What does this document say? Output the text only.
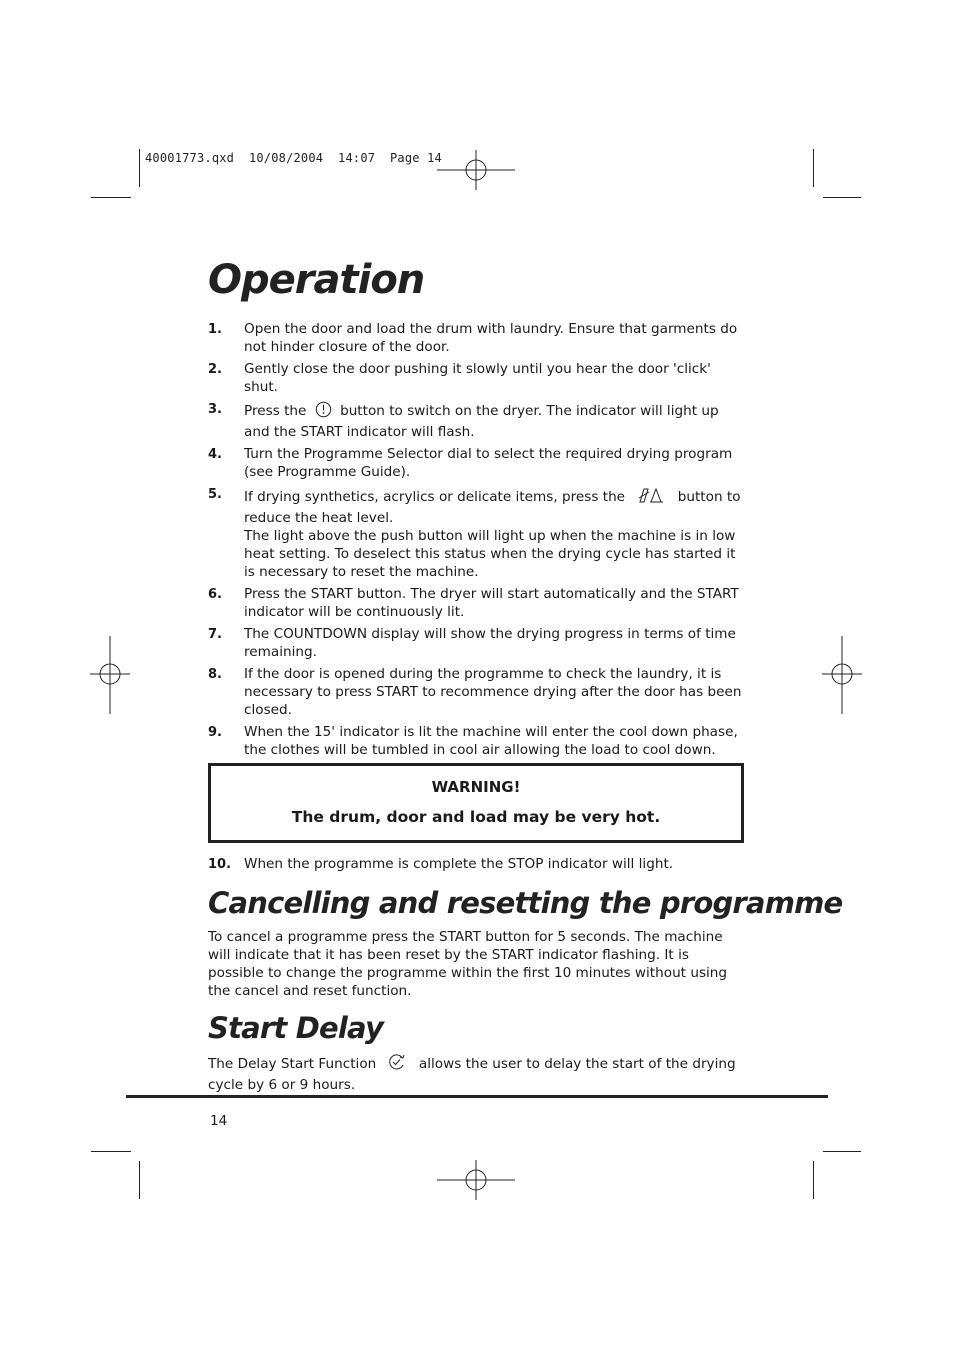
40001773.qxd  10/08/2004  14:07  Page 14
Operation
1.	Open the door and load the drum with laundry. Ensure that garments do not hinder closure of the door.
2.	Gently close the door pushing it slowly until you hear the door 'click' shut.
3.	Press the button to switch on the dryer. The indicator will light up and the START indicator will flash.
4.	Turn the Programme Selector dial to select the required drying program (see Programme Guide).
5.	If drying synthetics, acrylics or delicate items, press the	button to reduce the heat level.
The light above the push button will light up when the machine is in low heat setting. To deselect this status when the drying cycle has started it is necessary to reset the machine.
6.	Press the START button. The dryer will start automatically and the START indicator will be continuously lit.
7.	The COUNTDOWN display will show the drying progress in terms of time remaining.
8.	If the door is opened during the programme to check the laundry, it is necessary to press START to recommence drying after the door has been closed.
9.	When the 15' indicator is lit the machine will enter the cool down phase, the clothes will be tumbled in cool air allowing the load to cool down.
WARNING!
The drum, door and load may be very hot.
10. When the programme is complete the STOP indicator will light.
Cancelling and resetting the programme
To cancel a programme press the START button for 5 seconds. The machine will indicate that it has been reset by the START indicator flashing. It is possible to change the programme within the first 10 minutes without using the cancel and reset function.
Start Delay
The Delay Start Function	allows the user to delay the start of the drying cycle by 6 or 9 hours.
14
